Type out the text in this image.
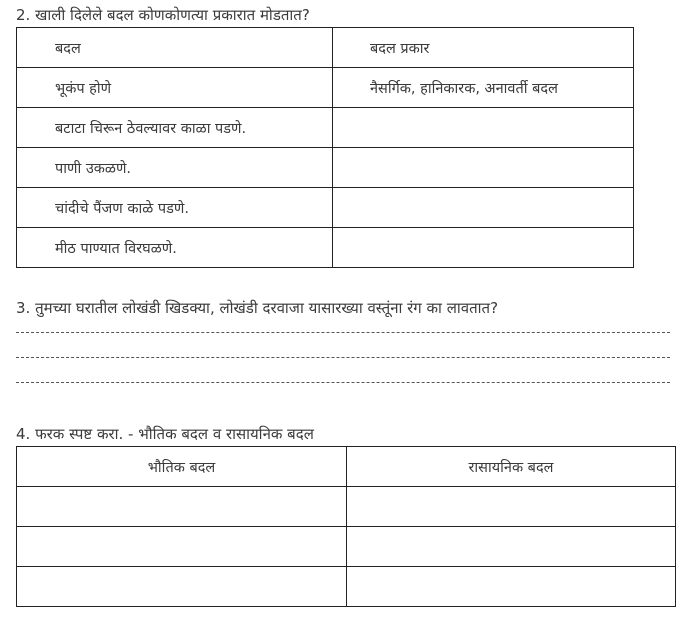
2. खाली दिलेले बदल कोणकोणत्या प्रकारात मोडतात?
बदल	बदल प्रकार
भूकंप होणे	नैसर्गिक, हानिकारक, अनावर्ती बदल
बटाटा चिरून ठेवल्यावर काळा पडणे.	
पाणी उकळणे.	
चांदीचे पैंजण काळे पडणे.	
मीठ पाण्यात विरघळणे.	
3. तुमच्या घरातील लोखंडी खिडक्या, लोखंडी दरवाजा यासारख्या वस्तूंना रंग का लावतात?
4. फरक स्पष्ट करा. - भौतिक बदल व रासायनिक बदल
भौतिक बदल	रासायनिक बदल
